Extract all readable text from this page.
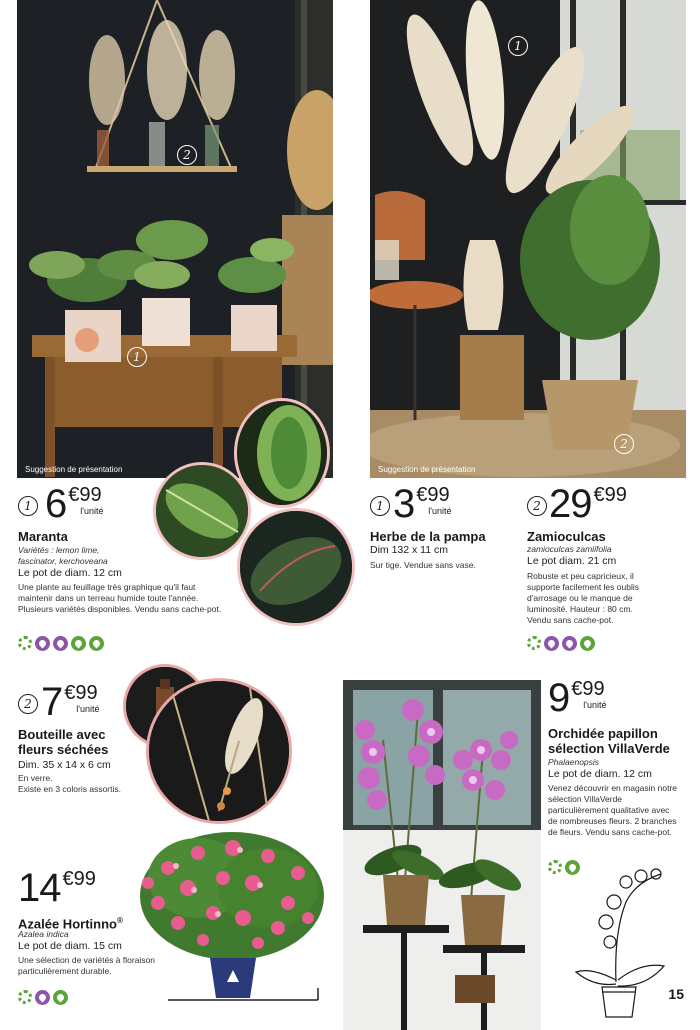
Suggestion de présentation
2
1
Suggestion de présentation
1
2
1 6 €99
l'unité
Maranta
Variétés : lemon lime,
fascinator, kerchoveana
Le pot de diam. 12 cm
Une plante au feuillage très graphique qu'il faut maintenir dans un terreau humide toute l'année. Plusieurs variétés disponibles. Vendu sans cache-pot.
1 3 €99
l'unité
Herbe de la pampa
Dim 132 x 11 cm
Sur tige. Vendue sans vase.
2 29 €99
Zamioculcas
zamioculcas zamiifolia
Le pot diam. 21 cm
Robuste et peu capricieux, il supporte facilement les oublis d'arrosage ou le manque de luminosité. Hauteur : 80 cm. Vendu sans cache-pot.
2 7 €99
l'unité
Bouteille avec
fleurs séchées
Dim. 35 x 14 x 6 cm
En verre.
Existe en 3 coloris assortis.
14 €99
Azalée Hortinno®
Azalea indica
Le pot de diam. 15 cm
Une sélection de variétés à floraison particulièrement durable.
9 €99
l'unité
Orchidée papillon
sélection VillaVerde
Phalaenopsis
Le pot de diam. 12 cm
Venez découvrir en magasin notre sélection VillaVerde particulièrement qualitative avec de nombreuses fleurs. 2 branches de fleurs. Vendu sans cache-pot.
15
